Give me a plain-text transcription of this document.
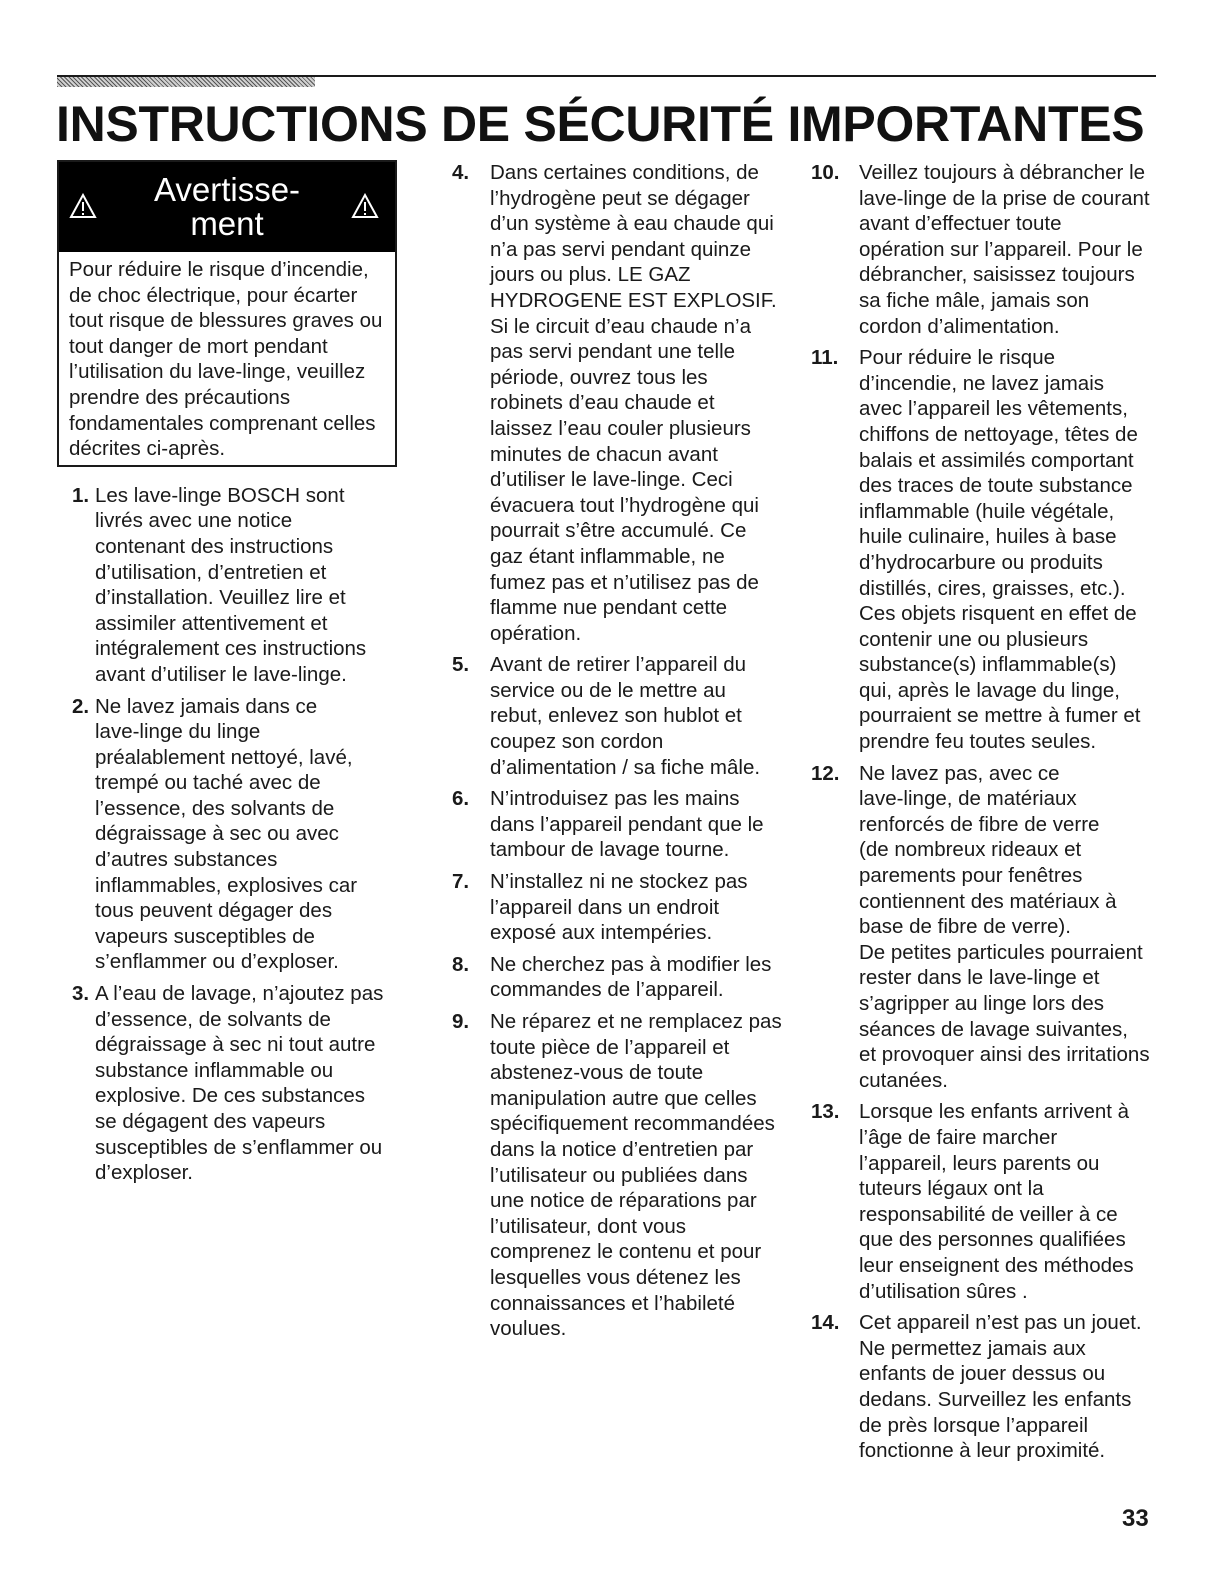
INSTRUCTIONS DE SÉCURITÉ IMPORTANTES
Avertisse-
ment
Pour réduire le risque d’incendie, de choc électrique, pour écarter tout risque de blessures graves ou tout danger de mort pendant l’utilisation du lave-linge, veuillez prendre des précautions fondamentales comprenant celles décrites ci-après.
1. Les lave-linge BOSCH sont
livrés avec une notice
contenant des instructions
d’utilisation, d’entretien et
d’installation. Veuillez lire et
assimiler attentivement et
intégralement ces instructions
avant d’utiliser le lave-linge.
2. Ne lavez jamais dans ce
lave-linge du linge
préalablement nettoyé, lavé,
trempé ou taché avec de
l’essence, des solvants de
dégraissage à sec ou avec
d’autres substances
inflammables, explosives car
tous peuvent dégager des
vapeurs susceptibles de
s’enflammer ou d’exploser.
3. A l’eau de lavage, n’ajoutez pas
d’essence, de solvants de
dégraissage à sec ni tout autre
substance inflammable ou
explosive. De ces substances
se dégagent des vapeurs
susceptibles de s’enflammer ou
d’exploser.
4. Dans certaines conditions, de
l’hydrogène peut se dégager
d’un système à eau chaude qui
n’a pas servi pendant quinze
jours ou plus. LE GAZ
HYDROGENE EST EXPLOSIF.
Si le circuit d’eau chaude n’a
pas servi pendant une telle
période, ouvrez tous les
robinets d’eau chaude et
laissez l’eau couler plusieurs
minutes de chacun avant
d’utiliser le lave-linge. Ceci
évacuera tout l’hydrogène qui
pourrait s’être accumulé. Ce
gaz étant inflammable, ne
fumez pas et n’utilisez pas de
flamme nue pendant cette
opération.
5. Avant de retirer l’appareil du
service ou de le mettre au
rebut, enlevez son hublot et
coupez son cordon
d’alimentation / sa fiche mâle.
6. N’introduisez pas les mains
dans l’appareil pendant que le
tambour de lavage tourne.
7. N’installez ni ne stockez pas
l’appareil dans un endroit
exposé aux intempéries.
8. Ne cherchez pas à modifier les
commandes de l’appareil.
9. Ne réparez et ne remplacez pas
toute pièce de l’appareil et
abstenez-vous de toute
manipulation autre que celles
spécifiquement recommandées
dans la notice d’entretien par
l’utilisateur ou publiées dans
une notice de réparations par
l’utilisateur, dont vous
comprenez le contenu et pour
lesquelles vous détenez les
connaissances et l’habileté
voulues.
10. Veillez toujours à débrancher le
lave-linge de la prise de courant
avant d’effectuer toute
opération sur l’appareil. Pour le
débrancher, saisissez toujours
sa fiche mâle, jamais son
cordon d’alimentation.
11. Pour réduire le risque
d’incendie, ne lavez jamais
avec l’appareil les vêtements,
chiffons de nettoyage, têtes de
balais et assimilés comportant
des traces de toute substance
inflammable (huile végétale,
huile culinaire, huiles à base
d’hydrocarbure ou produits
distillés, cires, graisses, etc.).
Ces objets risquent en effet de
contenir une ou plusieurs
substance(s) inflammable(s)
qui, après le lavage du linge,
pourraient se mettre à fumer et
prendre feu toutes seules.
12. Ne lavez pas, avec ce
lave-linge, de matériaux
renforcés de fibre de verre
(de nombreux rideaux et
parements pour fenêtres
contiennent des matériaux à
base de fibre de verre).
De petites particules pourraient
rester dans le lave-linge et
s’agripper au linge lors des
séances de lavage suivantes,
et provoquer ainsi des irritations
cutanées.
13. Lorsque les enfants arrivent à
l’âge de faire marcher
l’appareil, leurs parents ou
tuteurs légaux ont la
responsabilité de veiller à ce
que des personnes qualifiées
leur enseignent des méthodes
d’utilisation sûres .
14. Cet appareil n’est pas un jouet.
Ne permettez jamais aux
enfants de jouer dessus ou
dedans. Surveillez les enfants
de près lorsque l’appareil
fonctionne à leur proximité.
33
